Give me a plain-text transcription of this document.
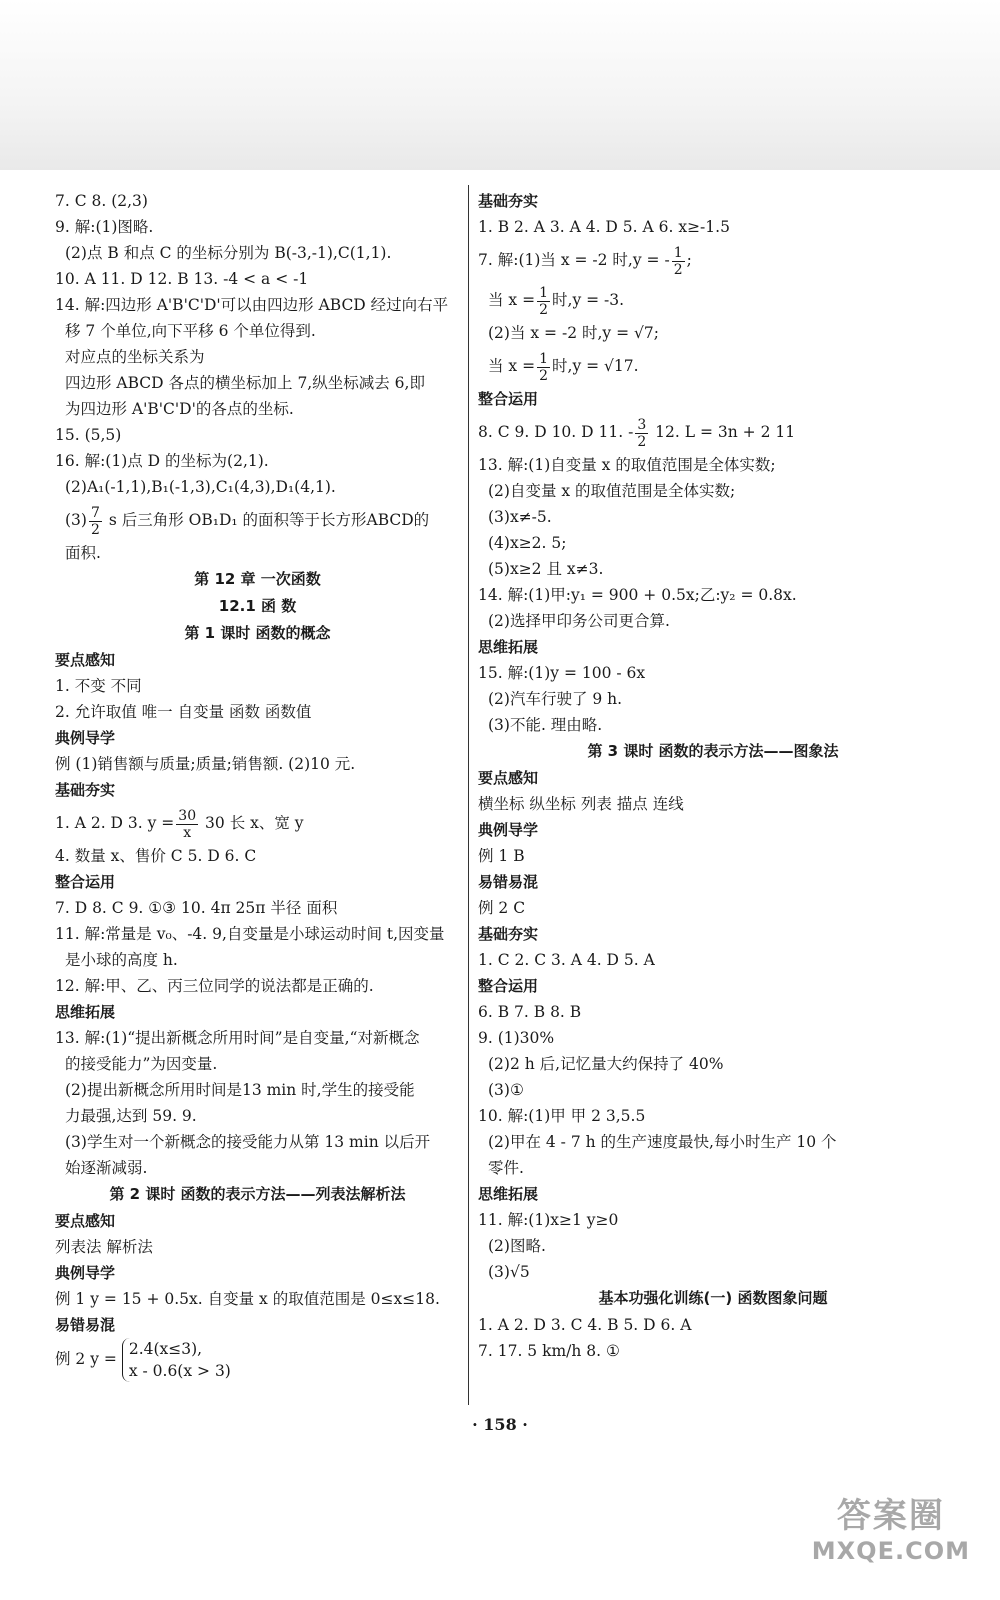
7. C 8. (2,3)
9. 解:(1)图略.
(2)点 B 和点 C 的坐标分别为 B(-3,-1),C(1,1).
10. A 11. D 12. B 13. -4 < a < -1
14. 解:四边形 A'B'C'D'可以由四边形 ABCD 经过向右平
移 7 个单位,向下平移 6 个单位得到.
对应点的坐标关系为
四边形 ABCD 各点的横坐标加上 7,纵坐标减去 6,即
为四边形 A'B'C'D'的各点的坐标.
15. (5,5)
16. 解:(1)点 D 的坐标为(2,1).
(2)A₁(-1,1),B₁(-1,3),C₁(4,3),D₁(4,1).
$(3) \frac{7}{2}$ s 后三角形 OB₁D₁ 的面积等于长方形ABCD的
面积.
第 12 章 一次函数
12.1 函 数
第 1 课时 函数的概念
要点感知
1. 不变 不同
2. 允许取值 唯一 自变量 函数 函数值
典例导学
例 (1)销售额与质量;质量;销售额. (2)10 元.
基础夯实
1. A 2. D 3. $y = \frac{30}{x} 30$ 长 x、宽 y
4. 数量 x、售价 C 5. D 6. C
整合运用
7. D 8. C 9. ①③ 10. 4π 25π 半径 面积
11. 解:常量是 v₀、-4. 9,自变量是小球运动时间 t,因变量
是小球的高度 h.
12. 解:甲、乙、丙三位同学的说法都是正确的.
思维拓展
13. 解:(1)“提出新概念所用时间”是自变量,“对新概念
的接受能力”为因变量.
(2)提出新概念所用时间是13 min 时,学生的接受能
力最强,达到 59. 9.
(3)学生对一个新概念的接受能力从第 13 min 以后开
始逐渐减弱.
第 2 课时 函数的表示方法——列表法解析法
要点感知
列表法 解析法
典例导学
例 1 y = 15 + 0.5x. 自变量 x 的取值范围是 0≤x≤18.
易错易混
例 2 y =
2.4(x≤3),
x - 0.6(x > 3)
基础夯实
1. B 2. A 3. A 4. D 5. A 6. x≥-1.5
7. 解:(1)当 x = -2 时,y = - $\frac{1}{2}$ ;
当 $x = \frac{1}{2}$ 时,y = -3.
(2)当 x = -2 时,y = √7;
当 $x = \frac{1}{2}$ 时,y = √17.
整合运用
8. C 9. D 10. D 11. - $\frac{3}{2} 12$. L = 3n + 2 11
13. 解:(1)自变量 x 的取值范围是全体实数;
(2)自变量 x 的取值范围是全体实数;
(3)x≠-5.
(4)x≥2. 5;
(5)x≥2 且 x≠3.
14. 解:(1)甲:y₁ = 900 + 0.5x;乙:y₂ = 0.8x.
(2)选择甲印务公司更合算.
思维拓展
15. 解:(1)y = 100 - 6x
(2)汽车行驶了 9 h.
(3)不能. 理由略.
第 3 课时 函数的表示方法——图象法
要点感知
横坐标 纵坐标 列表 描点 连线
典例导学
例 1 B
易错易混
例 2 C
基础夯实
1. C 2. C 3. A 4. D 5. A
整合运用
6. B 7. B 8. B
9. (1)30%
(2)2 h 后,记忆量大约保持了 40%
(3)①
10. 解:(1)甲 甲 2 3,5.5
(2)甲在 4 - 7 h 的生产速度最快,每小时生产 10 个
零件.
思维拓展
11. 解:(1)x≥1 y≥0
(2)图略.
(3)√5
基本功强化训练(一) 函数图象问题
1. A 2. D 3. C 4. B 5. D 6. A
7. 17. 5 km/h 8. ①
· 158 ·
答案圈
MXQE.COM
